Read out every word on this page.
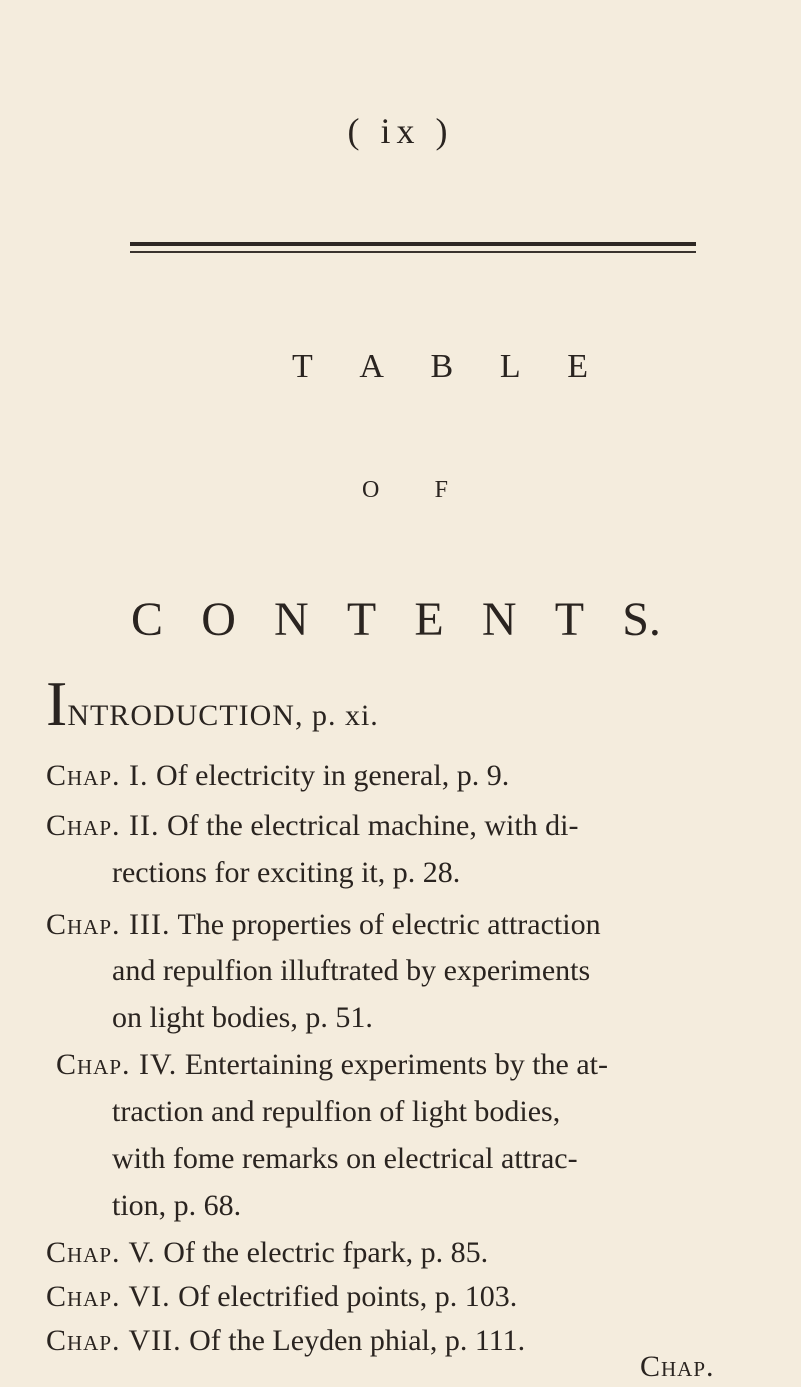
( ix )
T A B L E
O F
C O N T E N T S.
INTRODUCTION, p. xi.
Chap. I. Of electricity in general, p. 9.
Chap. II. Of the electrical machine, with di-
rections for exciting it, p. 28.
Chap. III. The properties of electric attraction
and repulfion illuftrated by experiments
on light bodies, p. 51.
Chap. IV. Entertaining experiments by the at-
traction and repulfion of light bodies,
with fome remarks on electrical attrac-
tion, p. 68.
Chap. V. Of the electric fpark, p. 85.
Chap. VI. Of electrified points, p. 103.
Chap. VII. Of the Leyden phial, p. 111.
Chap.
